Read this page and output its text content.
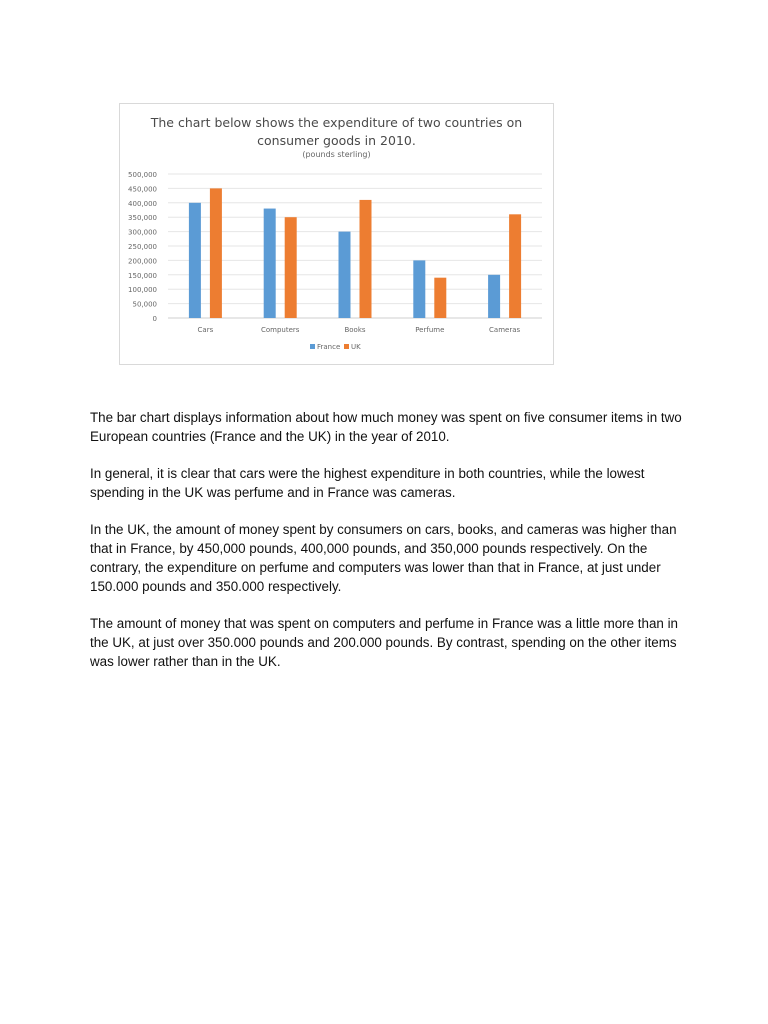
The chart below shows the expenditure of two countries on
consumer goods in 2010.
(pounds sterling)
0
50,000
100,000
150,000
200,000
250,000
300,000
350,000
400,000
450,000
500,000
Cars	Computers	Books	Perfume	Cameras
France UK

The bar chart displays information about how much money was spent on five consumer items in two European countries (France and the UK) in the year of 2010.

In general, it is clear that cars were the highest expenditure in both countries, while the lowest spending in the UK was perfume and in France was cameras.

In the UK, the amount of money spent by consumers on cars, books, and cameras was higher than that in France, by 450,000 pounds, 400,000 pounds, and 350,000 pounds respectively. On the contrary, the expenditure on perfume and computers was lower than that in France, at just under 150.000 pounds and 350.000 respectively.

The amount of money that was spent on computers and perfume in France was a little more than in the UK, at just over 350.000 pounds and 200.000 pounds. By contrast, spending on the other items was lower rather than in the UK.
